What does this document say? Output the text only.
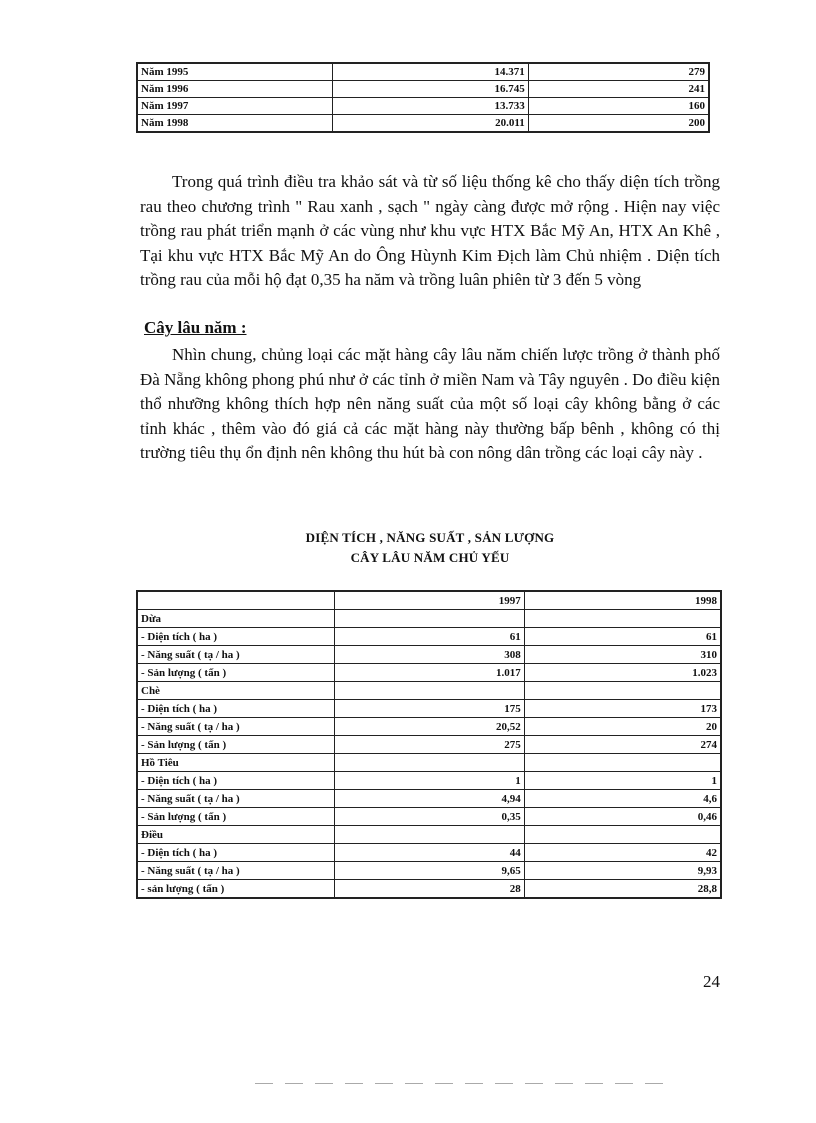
Năm 1995	14.371	279
Năm 1996	16.745	241
Năm 1997	13.733	160
Năm 1998	20.011	200

Trong quá trình điều tra khảo sát và từ số liệu thống kê cho thấy diện tích trồng rau theo chương trình " Rau xanh , sạch " ngày càng được mở rộng . Hiện nay việc trồng rau phát triển mạnh ở các vùng như khu vực HTX Bắc Mỹ An, HTX An Khê , Tại khu vực HTX Bắc Mỹ An do Ông Hùynh Kim Địch làm Chủ nhiệm . Diện tích trồng rau của mỗi hộ đạt 0,35 ha năm và trồng luân phiên từ 3 đến 5 vòng

Cây lâu năm :

Nhìn chung, chủng loại các mặt hàng cây lâu năm chiến lược trồng ở thành phố Đà Nẵng không phong phú như ở các tỉnh ở miền Nam và Tây nguyên . Do điều kiện thổ nhưỡng không thích hợp nên năng suất của một số loại cây không bằng ở các tỉnh khác , thêm vào đó giá cả các mặt hàng này thường bấp bênh , không có thị trường tiêu thụ ổn định nên không thu hút bà con nông dân trồng các loại cây này .

DIỆN TÍCH , NĂNG SUẤT , SẢN LƯỢNG

CÂY LÂU NĂM CHỦ YẾU

	1997	1998
Dừa		
- Diện tích ( ha )	61	61
- Năng suất ( tạ / ha )	308	310
- Sản lượng ( tấn )	1.017	1.023
Chè		
- Diện tích ( ha )	175	173
- Năng suất ( tạ / ha )	20,52	20
- Sản lượng ( tấn )	275	274
Hồ Tiêu		
- Diện tích ( ha )	1	1
- Năng suất ( tạ / ha )	4,94	4,6
- Sản lượng ( tấn )	0,35	0,46
Điều		
- Diện tích ( ha )	44	42
- Năng suất ( tạ / ha )	9,65	9,93
- sản lượng ( tấn )	28	28,8

24
